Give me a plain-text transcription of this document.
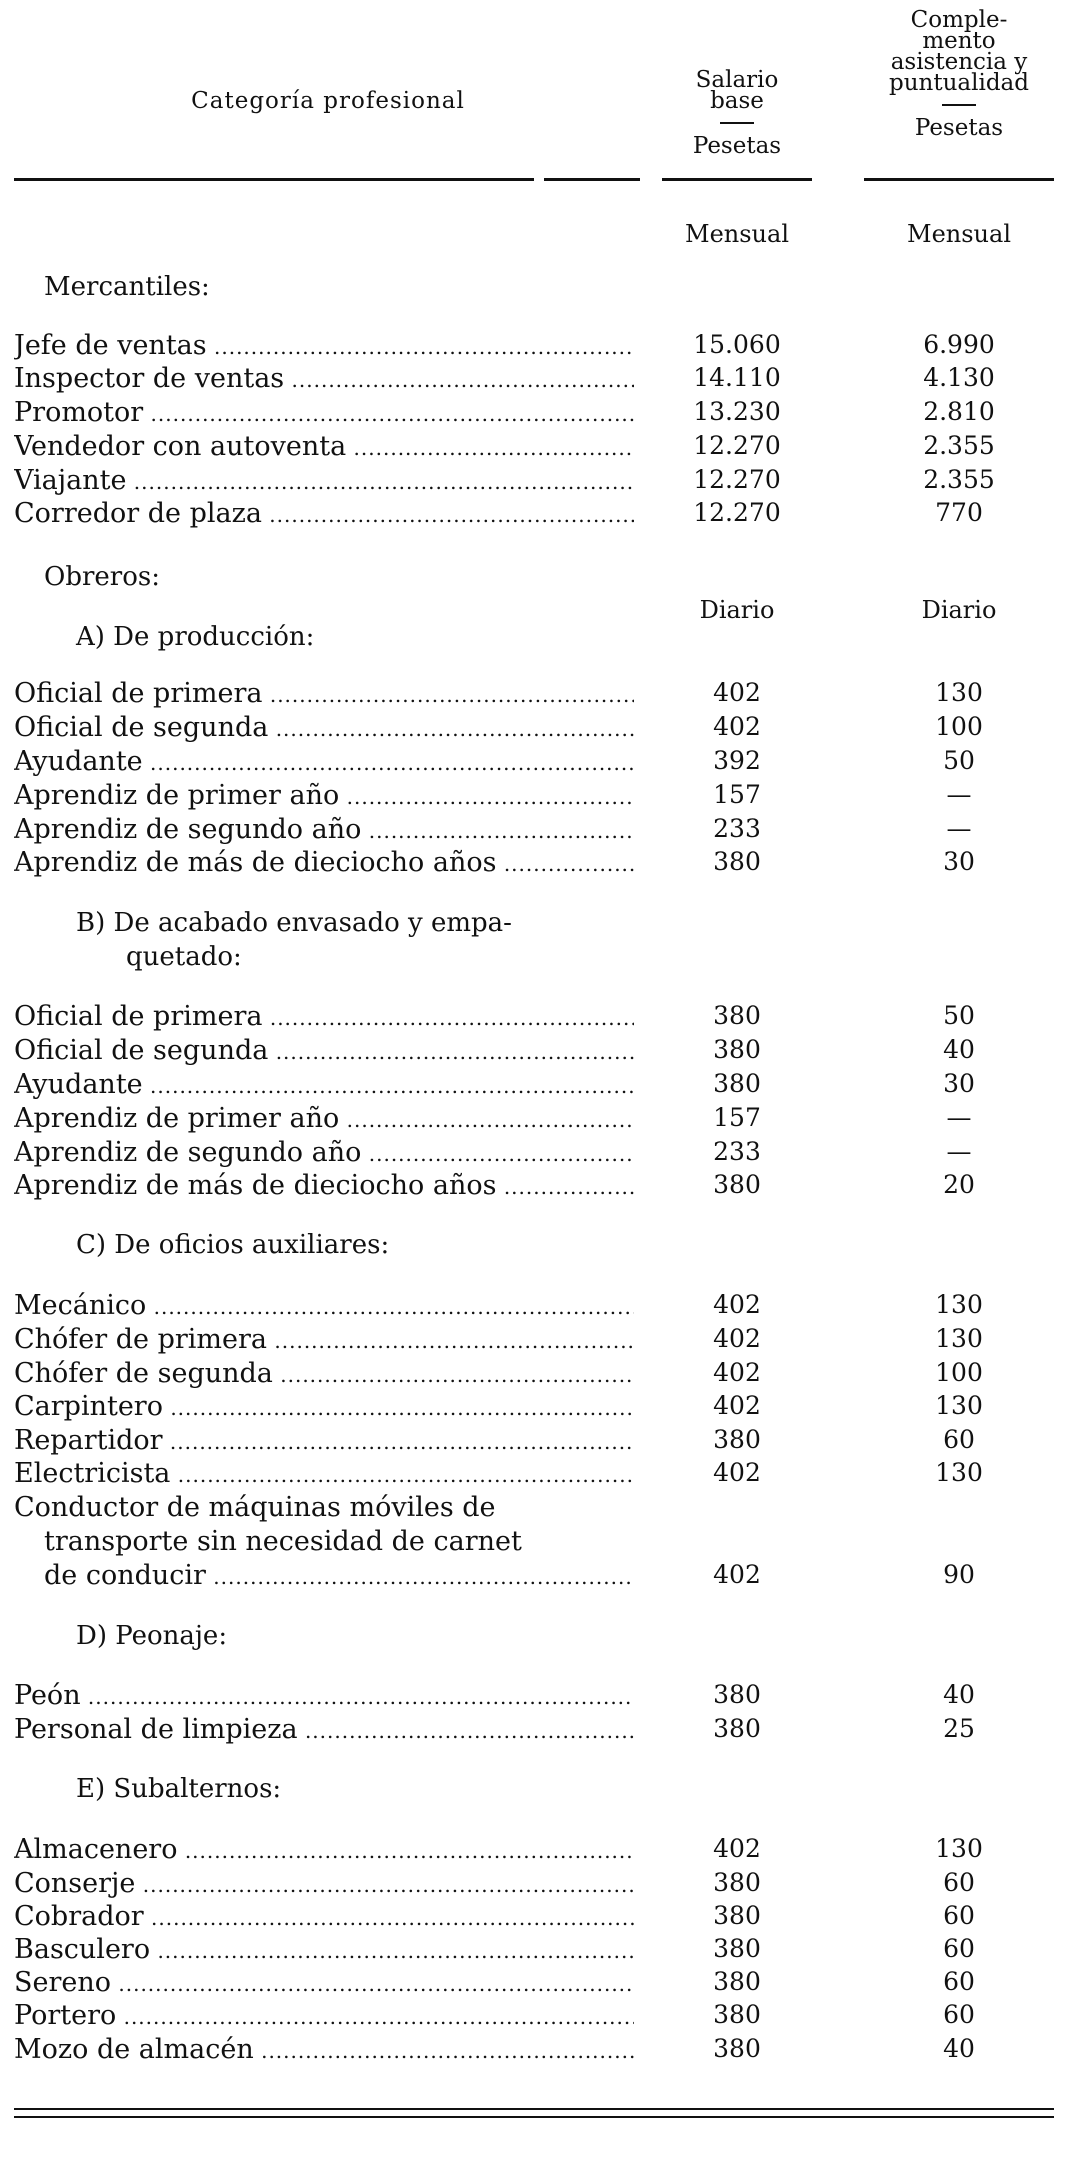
Categoría profesional
Salario
base
Pesetas
Comple-
mento
asistencia y
puntualidad
Pesetas
Mensual	Mensual
Mercantiles:
Jefe de ventas .....	15.060	6.990
Inspector de ventas .....	14.110	4.130
Promotor .....	13.230	2.810
Vendedor con autoventa .....	12.270	2.355
Viajante .....	12.270	2.355
Corredor de plaza .....	12.270	770
Obreros:
Diario	Diario
A) De producción:
Oficial de primera .....	402	130
Oficial de segunda .....	402	100
Ayudante .....	392	50
Aprendiz de primer año .....	157	—
Aprendiz de segundo año .....	233	—
Aprendiz de más de dieciocho años .....	380	30
B) De acabado envasado y empa-
quetado:
Oficial de primera .....	380	50
Oficial de segunda .....	380	40
Ayudante .....	380	30
Aprendiz de primer año .....	157	—
Aprendiz de segundo año .....	233	—
Aprendiz de más de dieciocho años .....	380	20
C) De oficios auxiliares:
Mecánico .....	402	130
Chófer de primera .....	402	130
Chófer de segunda .....	402	100
Carpintero .....	402	130
Repartidor .....	380	60
Electricista .....	402	130
Conductor de máquinas móviles de
transporte sin necesidad de carnet
de conducir .....	402	90
D) Peonaje:
Peón .....	380	40
Personal de limpieza .....	380	25
E) Subalternos:
Almacenero .....	402	130
Conserje .....	380	60
Cobrador .....	380	60
Basculero .....	380	60
Sereno .....	380	60
Portero .....	380	60
Mozo de almacén .....	380	40
